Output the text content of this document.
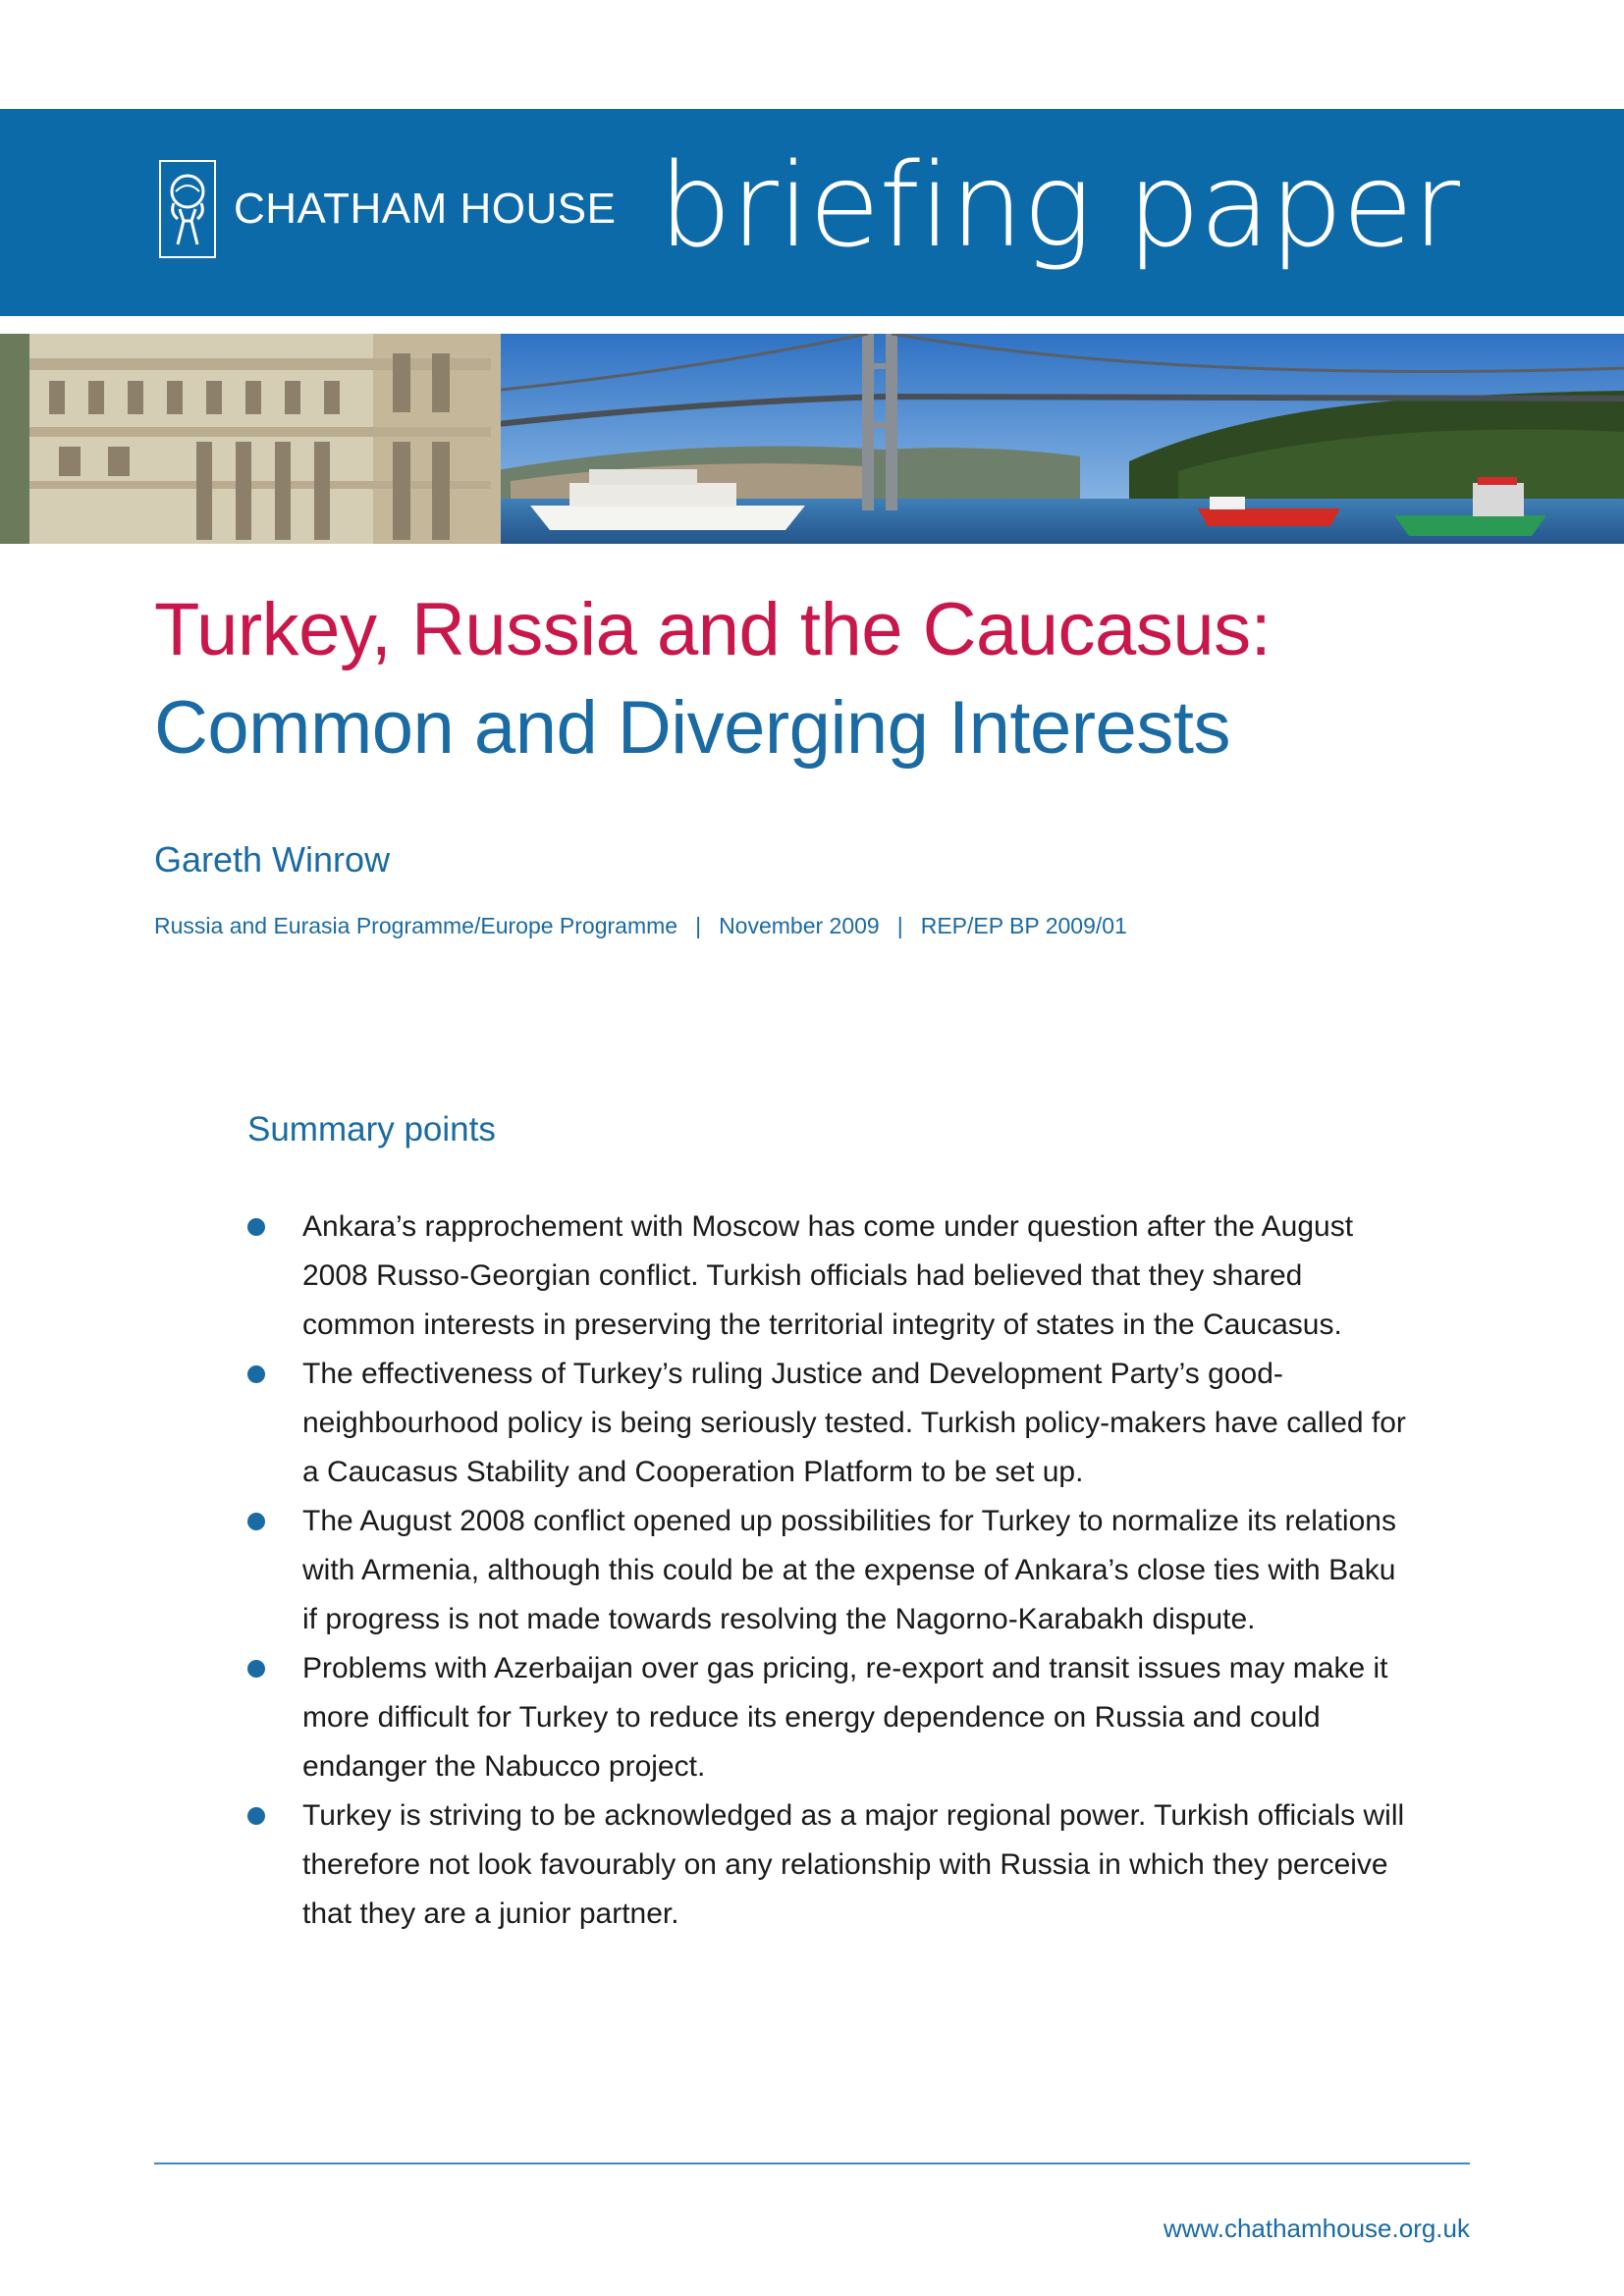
CHATHAM HOUSE briefing paper
Turkey, Russia and the Caucasus:
Common and Diverging Interests
Gareth Winrow
Russia and Eurasia Programme/Europe Programme | November 2009 | REP/EP BP 2009/01
Summary points
Ankara’s rapprochement with Moscow has come under question after the August 2008 Russo-Georgian conflict. Turkish officials had believed that they shared common interests in preserving the territorial integrity of states in the Caucasus.
The effectiveness of Turkey’s ruling Justice and Development Party’s good-neighbourhood policy is being seriously tested. Turkish policy-makers have called for a Caucasus Stability and Cooperation Platform to be set up.
The August 2008 conflict opened up possibilities for Turkey to normalize its relations with Armenia, although this could be at the expense of Ankara’s close ties with Baku if progress is not made towards resolving the Nagorno-Karabakh dispute.
Problems with Azerbaijan over gas pricing, re-export and transit issues may make it more difficult for Turkey to reduce its energy dependence on Russia and could endanger the Nabucco project.
Turkey is striving to be acknowledged as a major regional power. Turkish officials will therefore not look favourably on any relationship with Russia in which they perceive that they are a junior partner.
www.chathamhouse.org.uk
